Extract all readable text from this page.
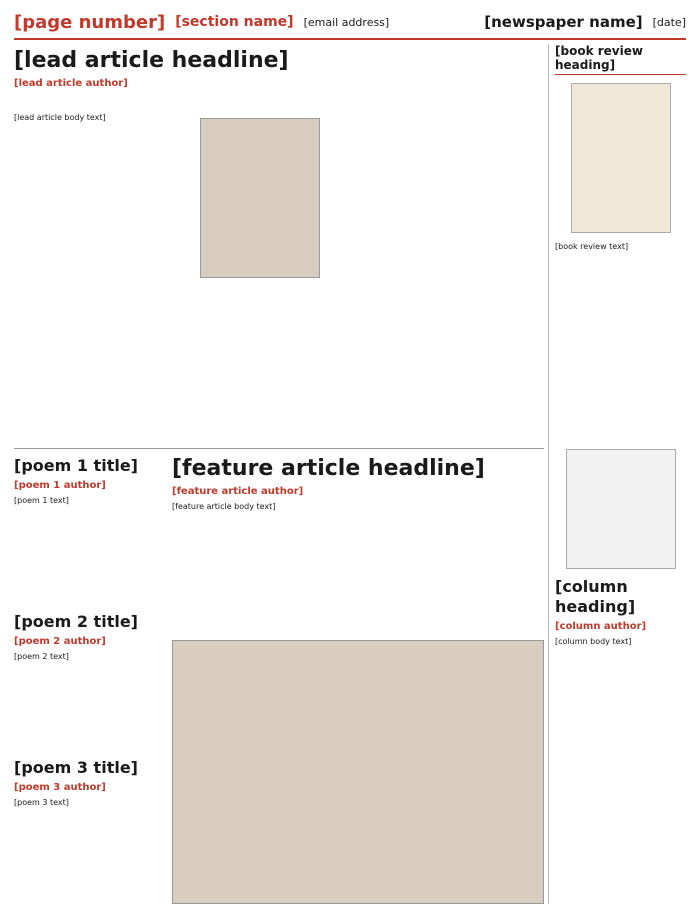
[page number] [section name] [email address]	[newspaper name] [date]
[lead article headline]
[lead article author]
[lead article body text]
[poem 1 title]
[poem 1 author]
[poem 1 text]
[poem 2 title]
[poem 2 author]
[poem 2 text]
[poem 3 title]
[poem 3 author]
[poem 3 text]
[feature article headline]
[feature article author]
[feature article body text]
[book review heading]
[book review text]
[column heading]
[column author]
[column body text]
